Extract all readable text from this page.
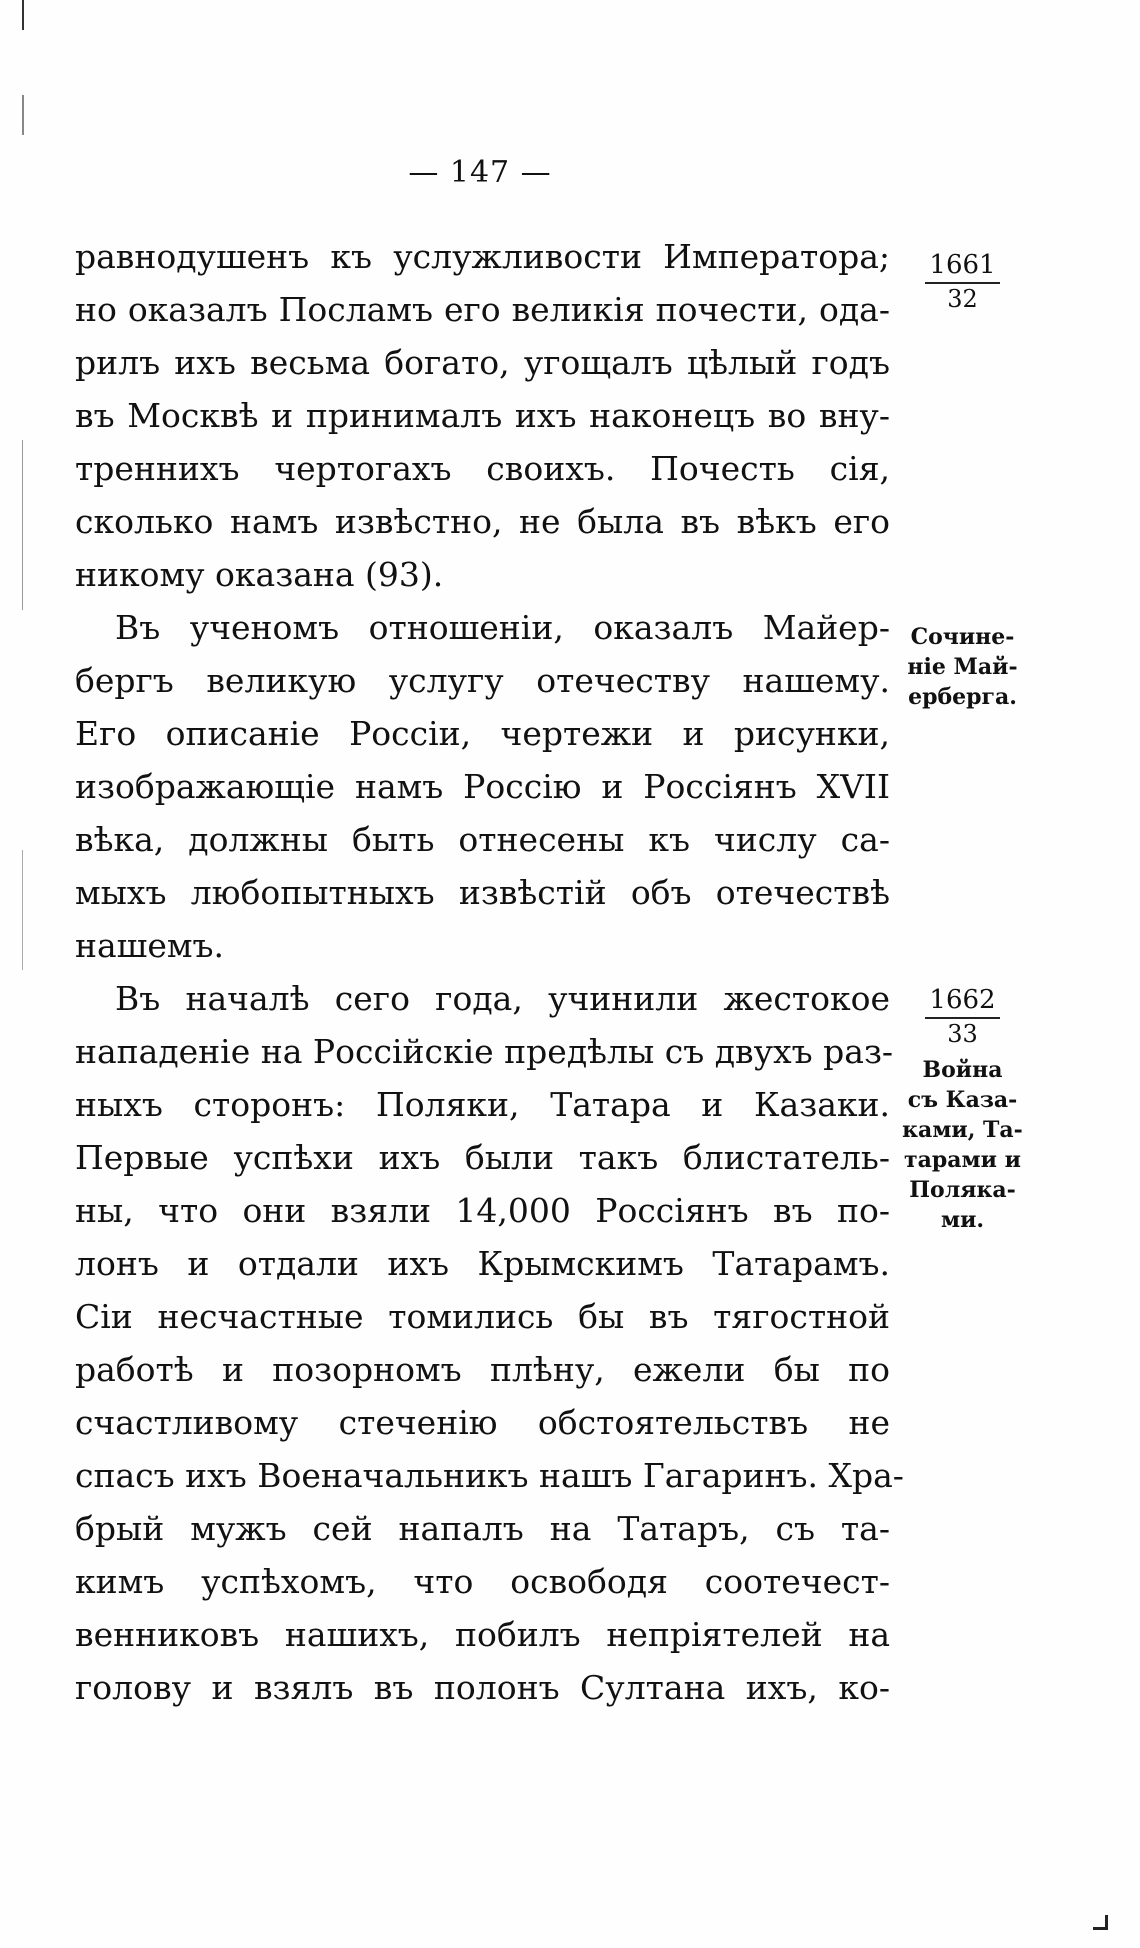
— 147 —
равнодушенъ къ услужливости Императора;
но оказалъ Посламъ его великія почести, ода-
рилъ ихъ весьма богато, угощалъ цѣлый годъ
въ Москвѣ и принималъ ихъ наконецъ во вну-
треннихъ чертогахъ своихъ. Почесть сія,
сколько намъ извѣстно, не была въ вѣкъ его
никому оказана (93).
Въ ученомъ отношеніи, оказалъ Майер-
бергъ великую услугу отечеству нашему.
Его описаніе Россіи, чертежи и рисунки,
изображающіе намъ Россію и Россіянъ XVII
вѣка, должны быть отнесены къ числу са-
мыхъ любопытныхъ извѣстій объ отечествѣ
нашемъ.
Въ началѣ сего года, учинили жестокое
нападеніе на Россійскіе предѣлы съ двухъ раз-
ныхъ сторонъ: Поляки, Татара и Казаки.
Первые успѣхи ихъ были такъ блистатель-
ны, что они взяли 14,000 Россіянъ въ по-
лонъ и отдали ихъ Крымскимъ Татарамъ.
Сіи несчастные томились бы въ тягостной
работѣ и позорномъ плѣну, ежели бы по
счастливому стеченію обстоятельствъ не
спасъ ихъ Военачальникъ нашъ Гагаринъ. Хра-
брый мужъ сей напалъ на Татаръ, съ та-
кимъ успѣхомъ, что освободя соотечест-
венниковъ нашихъ, побилъ непріятелей на
голову и взялъ въ полонъ Султана ихъ, ко-
1661
32
Сочине-
ніе Май-
ерберга.
1662
33
Война
съ Каза-
ками, Та-
тарами и
Поляка-
ми.
